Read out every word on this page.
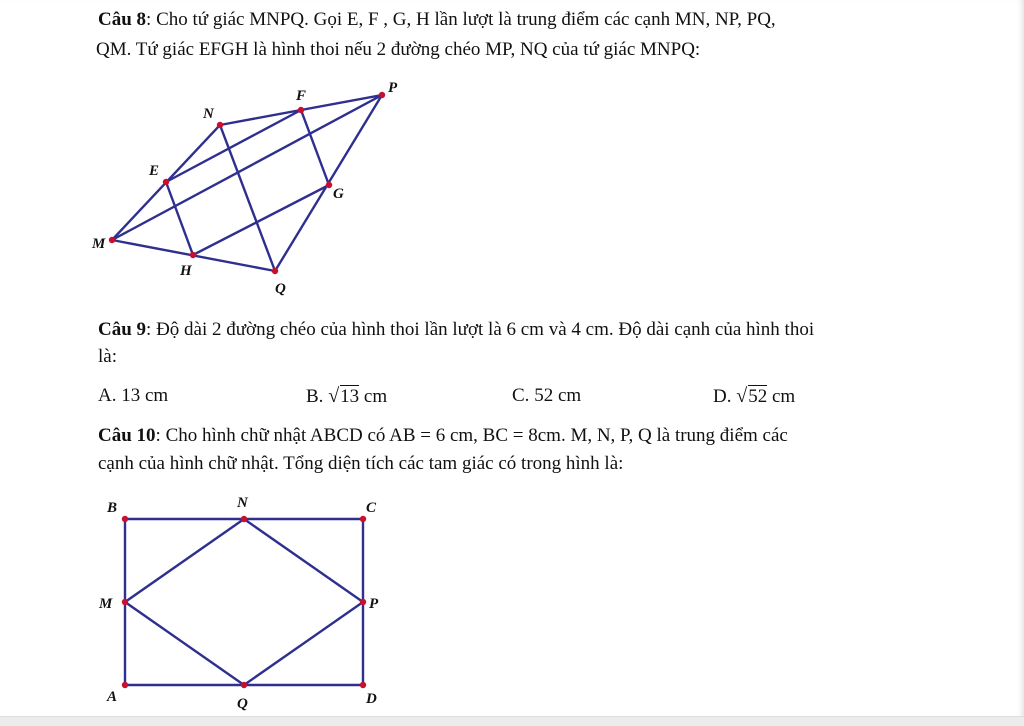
Câu 8: Cho tứ giác MNPQ. Gọi E, F , G, H lần lượt là trung điểm các cạnh MN, NP, PQ,
QM. Tứ giác EFGH là hình thoi nếu 2 đường chéo MP, NQ của tứ giác MNPQ:
N
F	P
E
G
M
H
Q
Câu 9: Độ dài 2 đường chéo của hình thoi lần lượt là 6 cm và 4 cm. Độ dài cạnh của hình thoi
là:
A. 13 cm	B. √13 cm	C. 52 cm	D. √52 cm
Câu 10: Cho hình chữ nhật ABCD có AB = 6 cm, BC = 8cm. M, N, P, Q là trung điểm các
cạnh của hình chữ nhật. Tổng diện tích các tam giác có trong hình là:
B	N	C
M	P
A	Q	D
